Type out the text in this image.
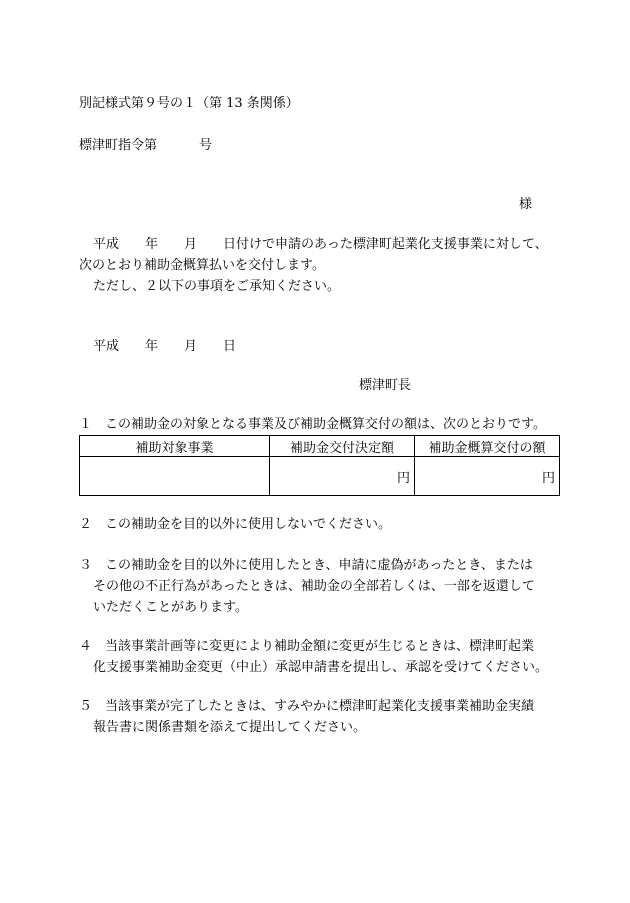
別記様式第９号の１（第 13 条関係）
標津町指令第	号
様
平成 年 月 日付けで申請のあった標津町起業化支援事業に対して、
次のとおり補助金概算払いを交付します。
ただし、２以下の事項をご承知ください。
平成 年 月 日
標津町長
１　この補助金の対象となる事業及び補助金概算交付の額は、次のとおりです。
補助対象事業	補助金交付決定額	補助金概算交付の額
	円	円
２　この補助金を目的以外に使用しないでください。
３　この補助金を目的以外に使用したとき、申請に虚偽があったとき、または
その他の不正行為があったときは、補助金の全部若しくは、一部を返還して
いただくことがあります。
４　当該事業計画等に変更により補助金額に変更が生じるときは、標津町起業
化支援事業補助金変更（中止）承認申請書を提出し、承認を受けてください。
５　当該事業が完了したときは、すみやかに標津町起業化支援事業補助金実績
報告書に関係書類を添えて提出してください。
